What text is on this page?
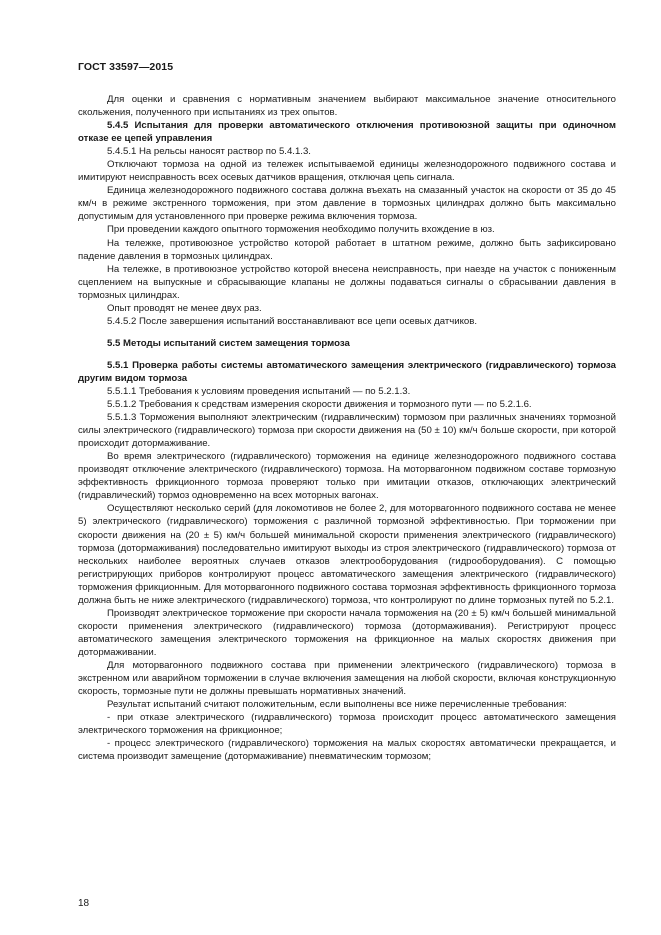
ГОСТ 33597—2015

Для оценки и сравнения с нормативным значением выбирают максимальное значение относительного скольжения, полученного при испытаниях из трех опытов.

5.4.5 Испытания для проверки автоматического отключения противоюзной защиты при одиночном отказе ее цепей управления

5.4.5.1 На рельсы наносят раствор по 5.4.1.3.

Отключают тормоза на одной из тележек испытываемой единицы железнодорожного подвижного состава и имитируют неисправность всех осевых датчиков вращения, отключая цепь сигнала.

Единица железнодорожного подвижного состава должна въехать на смазанный участок на скорости от 35 до 45 км/ч в режиме экстренного торможения, при этом давление в тормозных цилиндрах должно быть максимально допустимым для установленного при проверке режима включения тормоза.

При проведении каждого опытного торможения необходимо получить вхождение в юз.

На тележке, противоюзное устройство которой работает в штатном режиме, должно быть зафиксировано падение давления в тормозных цилиндрах.

На тележке, в противоюзное устройство которой внесена неисправность, при наезде на участок с пониженным сцеплением на выпускные и сбрасывающие клапаны не должны подаваться сигналы о сбрасывании давления в тормозных цилиндрах.

Опыт проводят не менее двух раз.

5.4.5.2 После завершения испытаний восстанавливают все цепи осевых датчиков.

5.5 Методы испытаний систем замещения тормоза

5.5.1 Проверка работы системы автоматического замещения электрического (гидравлического) тормоза другим видом тормоза

5.5.1.1 Требования к условиям проведения испытаний — по 5.2.1.3.

5.5.1.2 Требования к средствам измерения скорости движения и тормозного пути — по 5.2.1.6.

5.5.1.3 Торможения выполняют электрическим (гидравлическим) тормозом при различных значениях тормозной силы электрического (гидравлического) тормоза при скорости движения на (50 ± 10) км/ч больше скорости, при которой происходит дотормаживание.

Во время электрического (гидравлического) торможения на единице железнодорожного подвижного состава производят отключение электрического (гидравлического) тормоза. На моторвагонном подвижном составе тормозную эффективность фрикционного тормоза проверяют только при имитации отказов, отключающих электрический (гидравлический) тормоз одновременно на всех моторных вагонах.

Осуществляют несколько серий (для локомотивов не более 2, для моторвагонного подвижного состава не менее 5) электрического (гидравлического) торможения с различной тормозной эффективностью. При торможении при скорости движения на (20 ± 5) км/ч большей минимальной скорости применения электрического (гидравлического) тормоза (дотормаживания) последовательно имитируют выходы из строя электрического (гидравлического) тормоза от нескольких наиболее вероятных случаев отказов электрооборудования (гидрооборудования). С помощью регистрирующих приборов контролируют процесс автоматического замещения электрического (гидравлического) торможения фрикционным. Для моторвагонного подвижного состава тормозная эффективность фрикционного тормоза должна быть не ниже электрического (гидравлического) тормоза, что контролируют по длине тормозных путей по 5.2.1.

Производят электрическое торможение при скорости начала торможения на (20 ± 5) км/ч большей минимальной скорости применения электрического (гидравлического) тормоза (дотормаживания). Регистрируют процесс автоматического замещения электрического торможения на фрикционное на малых скоростях движения при дотормаживании.

Для моторвагонного подвижного состава при применении электрического (гидравлического) тормоза в экстренном или аварийном торможении в случае включения замещения на любой скорости, включая конструкционную скорость, тормозные пути не должны превышать нормативных значений.

Результат испытаний считают положительным, если выполнены все ниже перечисленные требования:

- при отказе электрического (гидравлического) тормоза происходит процесс автоматического замещения электрического торможения на фрикционное;

- процесс электрического (гидравлического) торможения на малых скоростях автоматически прекращается, и система производит замещение (дотормаживание) пневматическим тормозом;

18
